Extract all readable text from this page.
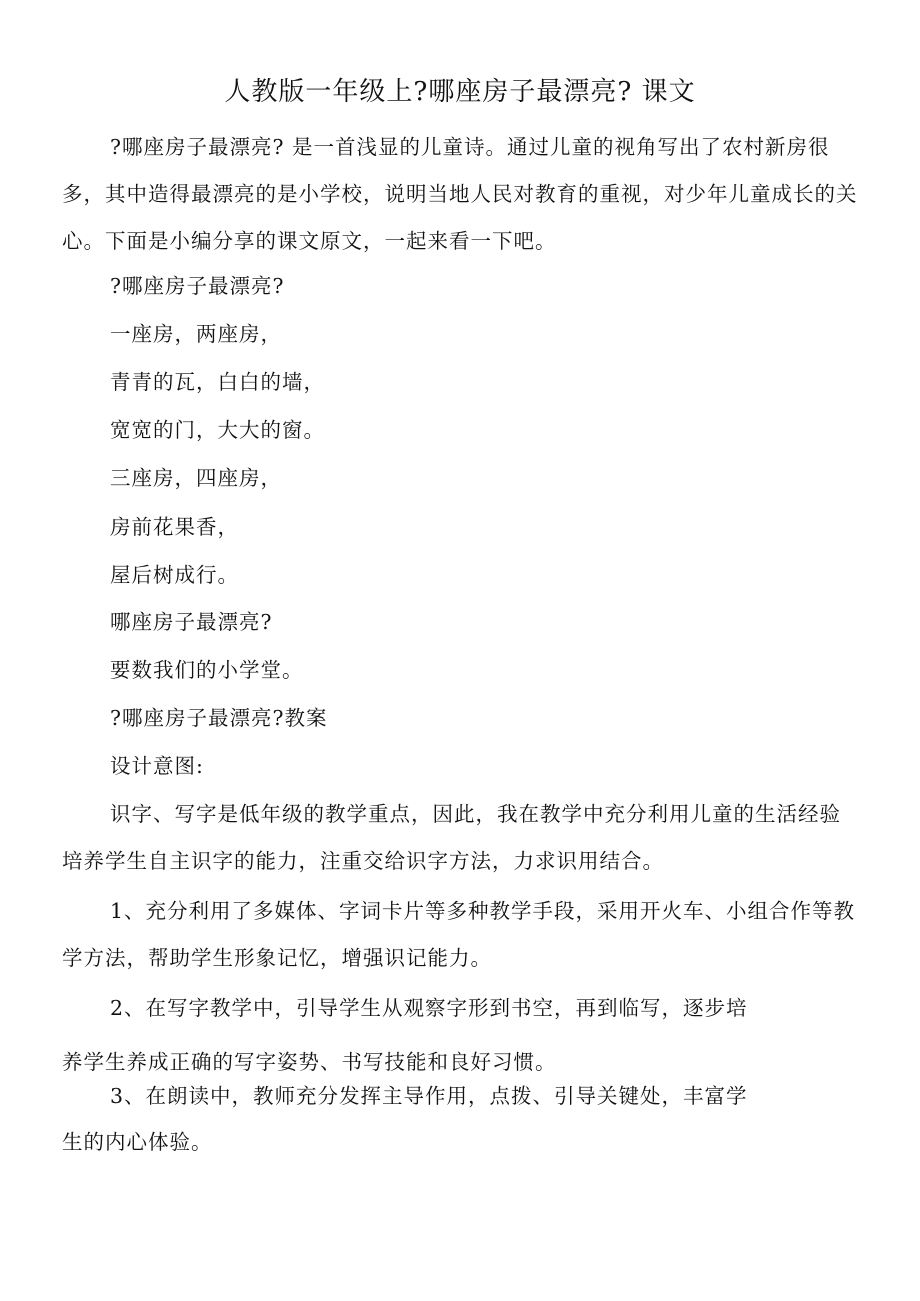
人教版一年级上?哪座房子最漂亮? 课文

?哪座房子最漂亮? 是一首浅显的儿童诗。通过儿童的视角写出了农村新房很多，其中造得最漂亮的是小学校，说明当地人民对教育的重视，对少年儿童成长的关心。下面是小编分享的课文原文，一起来看一下吧。

?哪座房子最漂亮?
一座房，两座房，
青青的瓦，白白的墙，
宽宽的门，大大的窗。
三座房，四座房，
房前花果香，
屋后树成行。
哪座房子最漂亮?
要数我们的小学堂。
?哪座房子最漂亮?教案
设计意图:

识字、写字是低年级的教学重点，因此，我在教学中充分利用儿童的生活经验培养学生自主识字的能力，注重交给识字方法，力求识用结合。

1、充分利用了多媒体、字词卡片等多种教学手段，采用开火车、小组合作等教学方法，帮助学生形象记忆，增强识记能力。

2、在写字教学中，引导学生从观察字形到书空，再到临写，逐步培
养学生养成正确的写字姿势、书写技能和良好习惯。
3、在朗读中，教师充分发挥主导作用，点拨、引导关键处，丰富学
生的内心体验。
